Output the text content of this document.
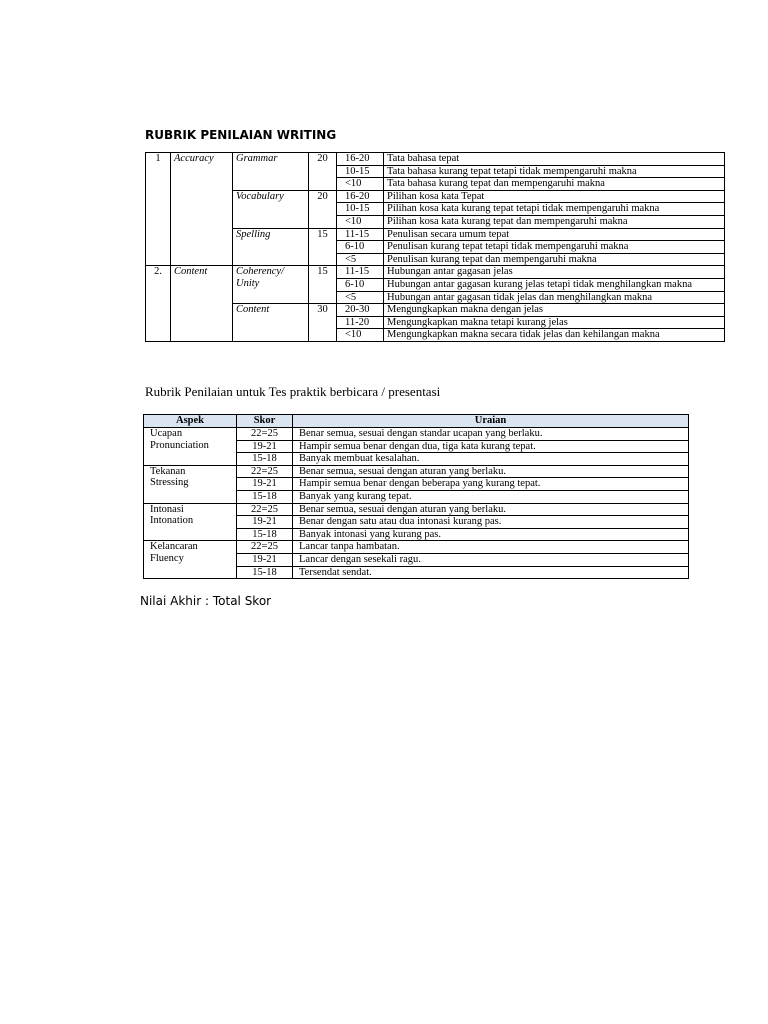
RUBRIK PENILAIAN WRITING
1	Accuracy	Grammar	20	16-20	Tata bahasa tepat
				10-15	Tata bahasa kurang tepat tetapi tidak mempengaruhi makna
				<10	Tata bahasa kurang tepat dan mempengaruhi makna
		Vocabulary	20	16-20	Pilihan kosa kata Tepat
				10-15	Pilihan kosa kata kurang tepat tetapi tidak mempengaruhi makna
				<10	Pilihan kosa kata kurang tepat dan mempengaruhi makna
		Spelling	15	11-15	Penulisan secara umum tepat
				6-10	Penulisan kurang tepat tetapi tidak mempengaruhi makna
				<5	Penulisan kurang tepat dan mempengaruhi makna
2.	Content	Coherency/ Unity	15	11-15	Hubungan antar gagasan jelas
				6-10	Hubungan antar gagasan kurang jelas tetapi tidak menghilangkan makna
				<5	Hubungan antar gagasan tidak jelas dan menghilangkan makna
		Content	30	20-30	Mengungkapkan makna dengan jelas
				11-20	Mengungkapkan makna tetapi kurang jelas
				<10	Mengungkapkan makna secara tidak jelas dan kehilangan makna
Rubrik Penilaian untuk Tes praktik berbicara / presentasi
Aspek	Skor	Uraian
Ucapan
Pronunciation	22=25	Benar semua, sesuai dengan standar ucapan yang berlaku.
	19-21	Hampir semua benar dengan dua, tiga kata kurang tepat.
	15-18	Banyak membuat kesalahan.
Tekanan
Stressing	22=25	Benar semua, sesuai dengan aturan yang berlaku.
	19-21	Hampir semua benar dengan beberapa yang kurang tepat.
	15-18	Banyak yang kurang tepat.
Intonasi
Intonation	22=25	Benar semua, sesuai dengan aturan yang berlaku.
	19-21	Benar dengan satu atau dua intonasi kurang pas.
	15-18	Banyak intonasi yang kurang pas.
Kelancaran
Fluency	22=25	Lancar tanpa hambatan.
	19-21	Lancar dengan sesekali ragu.
	15-18	Tersendat sendat.
Nilai Akhir : Total Skor
